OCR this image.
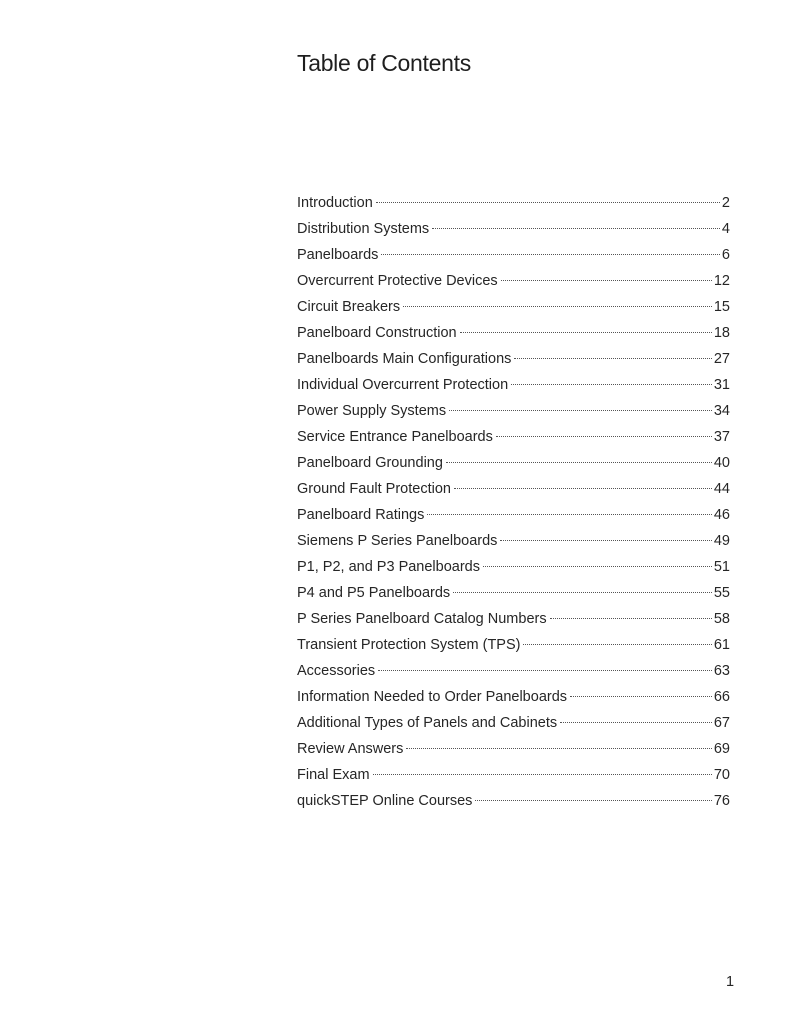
Table of Contents
Introduction	2
Distribution Systems	4
Panelboards	6
Overcurrent Protective Devices	12
Circuit Breakers	15
Panelboard Construction	18
Panelboards Main Configurations	27
Individual Overcurrent Protection	31
Power Supply Systems	34
Service Entrance Panelboards	37
Panelboard Grounding	40
Ground Fault Protection	44
Panelboard Ratings	46
Siemens P Series Panelboards	49
P1, P2, and P3 Panelboards	51
P4 and P5 Panelboards	55
P Series Panelboard Catalog Numbers	58
Transient Protection System (TPS)	61
Accessories	63
Information Needed to Order Panelboards	66
Additional Types of Panels and Cabinets	67
Review Answers	69
Final Exam	70
quickSTEP Online Courses	76
1
